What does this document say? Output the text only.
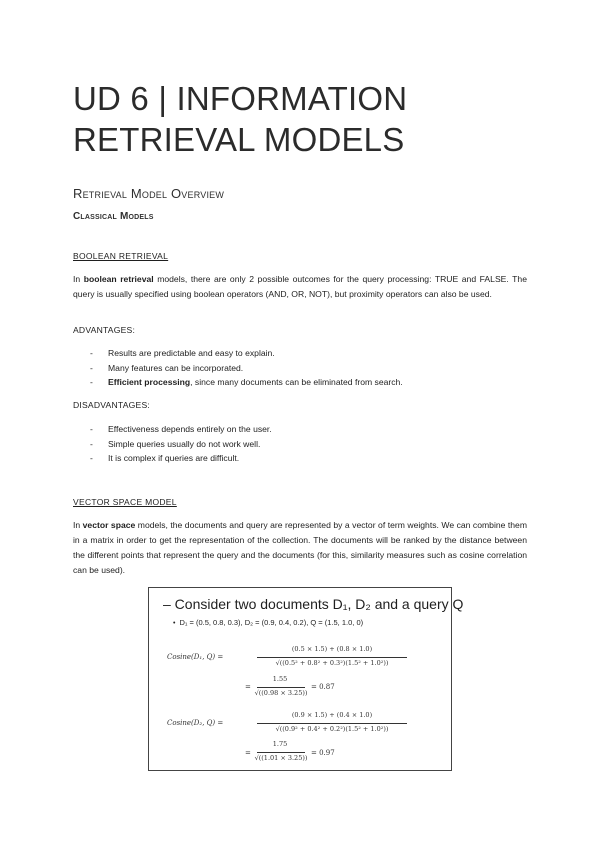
UD 6 | INFORMATION
RETRIEVAL MODELS
Retrieval Model Overview
Classical Models
BOOLEAN RETRIEVAL

In boolean retrieval models, there are only 2 possible outcomes for the query processing: TRUE and FALSE. The query is usually specified using boolean operators (AND, OR, NOT), but proximity operators can also be used.

ADVANTAGES:
- Results are predictable and easy to explain.
- Many features can be incorporated.
- Efficient processing, since many documents can be eliminated from search.
DISADVANTAGES:
- Effectiveness depends entirely on the user.
- Simple queries usually do not work well.
- It is complex if queries are difficult.
VECTOR SPACE MODEL

In vector space models, the documents and query are represented by a vector of term weights. We can combine them in a matrix in order to get the representation of the collection. The documents will be ranked by the distance between the different points that represent the query and the documents (for this, similarity measures such as cosine correlation can be used).

– Consider two documents D₁, D₂ and a query Q
• D₁ = (0.5, 0.8, 0.3), D₂ = (0.9, 0.4, 0.2), Q = (1.5, 1.0, 0)
Cosine(D₁, Q) =
(0.5 × 1.5) + (0.8 × 1.0)
√((0.5² + 0.8² + 0.3²)(1.5² + 1.0²))
=
1.55
√((0.98 × 3.25))
= 0.87
Cosine(D₂, Q) =
(0.9 × 1.5) + (0.4 × 1.0)
√((0.9² + 0.4² + 0.2²)(1.5² + 1.0²))
=
1.75
√((1.01 × 3.25))
= 0.97
